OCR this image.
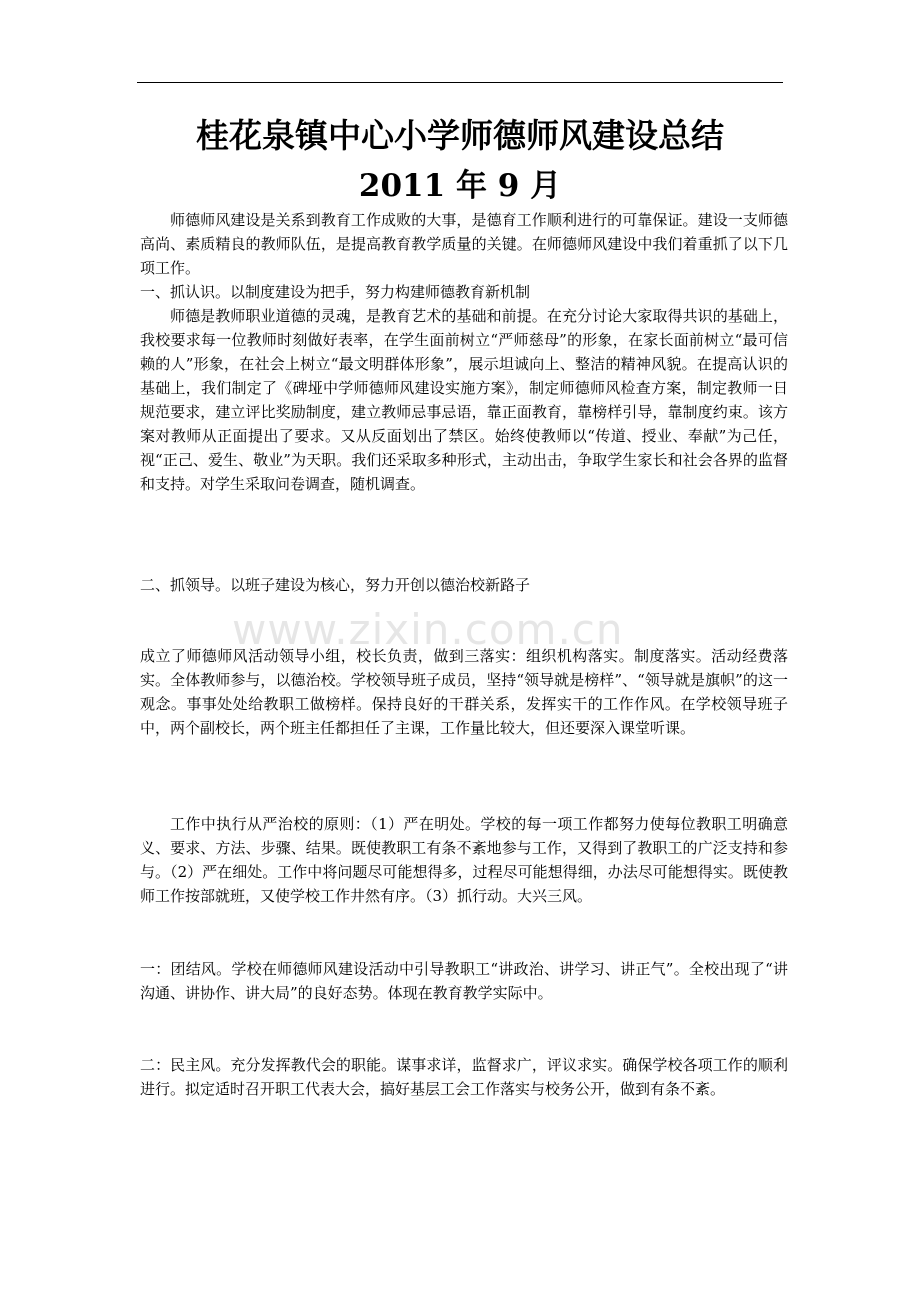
桂花泉镇中心小学师德师风建设总结
2011 年 9 月

师德师风建设是关系到教育工作成败的大事，是德育工作顺利进行的可靠保证。建设一支师德高尚、素质精良的教师队伍，是提高教育教学质量的关键。在师德师风建设中我们着重抓了以下几项工作。

一、抓认识。以制度建设为把手，努力构建师德教育新机制

师德是教师职业道德的灵魂，是教育艺术的基础和前提。在充分讨论大家取得共识的基础上，我校要求每一位教师时刻做好表率，在学生面前树立“严师慈母”的形象，在家长面前树立“最可信赖的人”形象，在社会上树立“最文明群体形象”，展示坦诚向上、整洁的精神风貌。在提高认识的基础上，我们制定了《碑垭中学师德师风建设实施方案》，制定师德师风检查方案，制定教师一日规范要求，建立评比奖励制度，建立教师忌事忌语，靠正面教育，靠榜样引导，靠制度约束。该方案对教师从正面提出了要求。又从反面划出了禁区。始终使教师以“传道、授业、奉献”为己任，视“正己、爱生、敬业”为天职。我们还采取多种形式，主动出击，争取学生家长和社会各界的监督和支持。对学生采取问卷调查，随机调查。

二、抓领导。以班子建设为核心，努力开创以德治校新路子

www.zixin.com.cn

成立了师德师风活动领导小组，校长负责，做到三落实：组织机构落实。制度落实。活动经费落实。全体教师参与，以德治校。学校领导班子成员，坚持“领导就是榜样”、“领导就是旗帜”的这一观念。事事处处给教职工做榜样。保持良好的干群关系，发挥实干的工作作风。在学校领导班子中，两个副校长，两个班主任都担任了主课，工作量比较大，但还要深入课堂听课。

工作中执行从严治校的原则：（1）严在明处。学校的每一项工作都努力使每位教职工明确意义、要求、方法、步骤、结果。既使教职工有条不紊地参与工作，又得到了教职工的广泛支持和参与。（2）严在细处。工作中将问题尽可能想得多，过程尽可能想得细，办法尽可能想得实。既使教师工作按部就班，又使学校工作井然有序。（3）抓行动。大兴三风。

一：团结风。学校在师德师风建设活动中引导教职工“讲政治、讲学习、讲正气”。全校出现了“讲沟通、讲协作、讲大局”的良好态势。体现在教育教学实际中。

二：民主风。充分发挥教代会的职能。谋事求详，监督求广，评议求实。确保学校各项工作的顺利进行。拟定适时召开职工代表大会，搞好基层工会工作落实与校务公开，做到有条不紊。
